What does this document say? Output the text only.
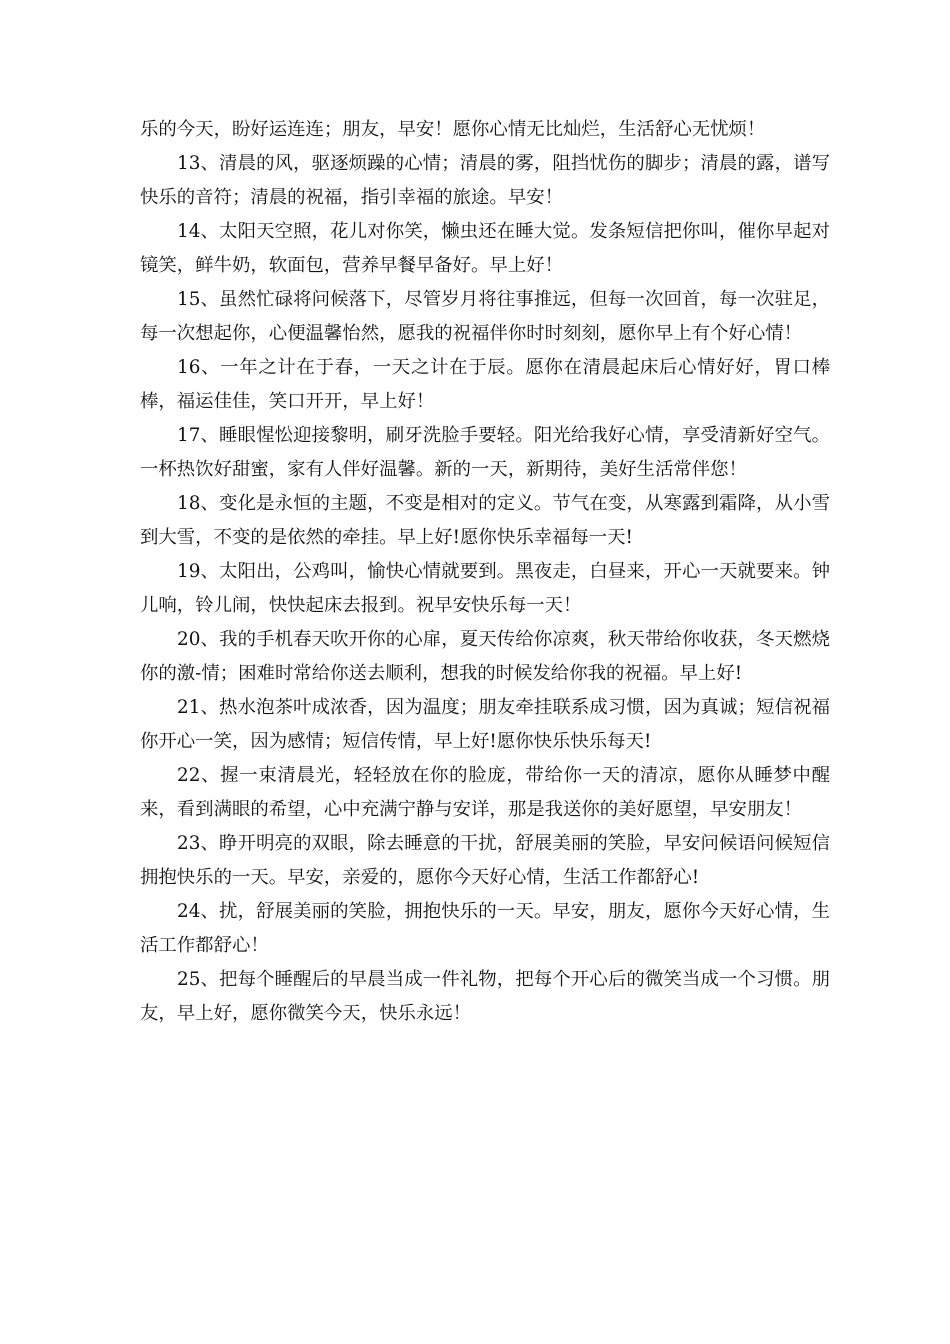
乐的今天，盼好运连连；朋友，早安！愿你心情无比灿烂，生活舒心无忧烦！

13、清晨的风，驱逐烦躁的心情；清晨的雾，阻挡忧伤的脚步；清晨的露，谱写快乐的音符；清晨的祝福，指引幸福的旅途。早安！

14、太阳天空照，花儿对你笑，懒虫还在睡大觉。发条短信把你叫，催你早起对镜笑，鲜牛奶，软面包，营养早餐早备好。早上好！

15、虽然忙碌将问候落下，尽管岁月将往事推远，但每一次回首，每一次驻足，每一次想起你，心便温馨怡然，愿我的祝福伴你时时刻刻，愿你早上有个好心情！

16、一年之计在于春，一天之计在于辰。愿你在清晨起床后心情好好，胃口棒棒，福运佳佳，笑口开开，早上好！

17、睡眼惺忪迎接黎明，刷牙洗脸手要轻。阳光给我好心情，享受清新好空气。一杯热饮好甜蜜，家有人伴好温馨。新的一天，新期待，美好生活常伴您！

18、变化是永恒的主题，不变是相对的定义。节气在变，从寒露到霜降，从小雪到大雪，不变的是依然的牵挂。早上好!愿你快乐幸福每一天!

19、太阳出，公鸡叫，愉快心情就要到。黑夜走，白昼来，开心一天就要来。钟儿响，铃儿闹，快快起床去报到。祝早安快乐每一天！

20、我的手机春天吹开你的心扉，夏天传给你凉爽，秋天带给你收获，冬天燃烧你的激-情；困难时常给你送去顺利，想我的时候发给你我的祝福。早上好!

21、热水泡茶叶成浓香，因为温度；朋友牵挂联系成习惯，因为真诚；短信祝福你开心一笑，因为感情；短信传情，早上好!愿你快乐快乐每天!

22、握一束清晨光，轻轻放在你的脸庞，带给你一天的清凉，愿你从睡梦中醒来，看到满眼的希望，心中充满宁静与安详，那是我送你的美好愿望，早安朋友！

23、睁开明亮的双眼，除去睡意的干扰，舒展美丽的笑脸，早安问候语问候短信拥抱快乐的一天。早安，亲爱的，愿你今天好心情，生活工作都舒心!

24、扰，舒展美丽的笑脸，拥抱快乐的一天。早安，朋友，愿你今天好心情，生活工作都舒心！

25、把每个睡醒后的早晨当成一件礼物，把每个开心后的微笑当成一个习惯。朋友，早上好，愿你微笑今天，快乐永远！
